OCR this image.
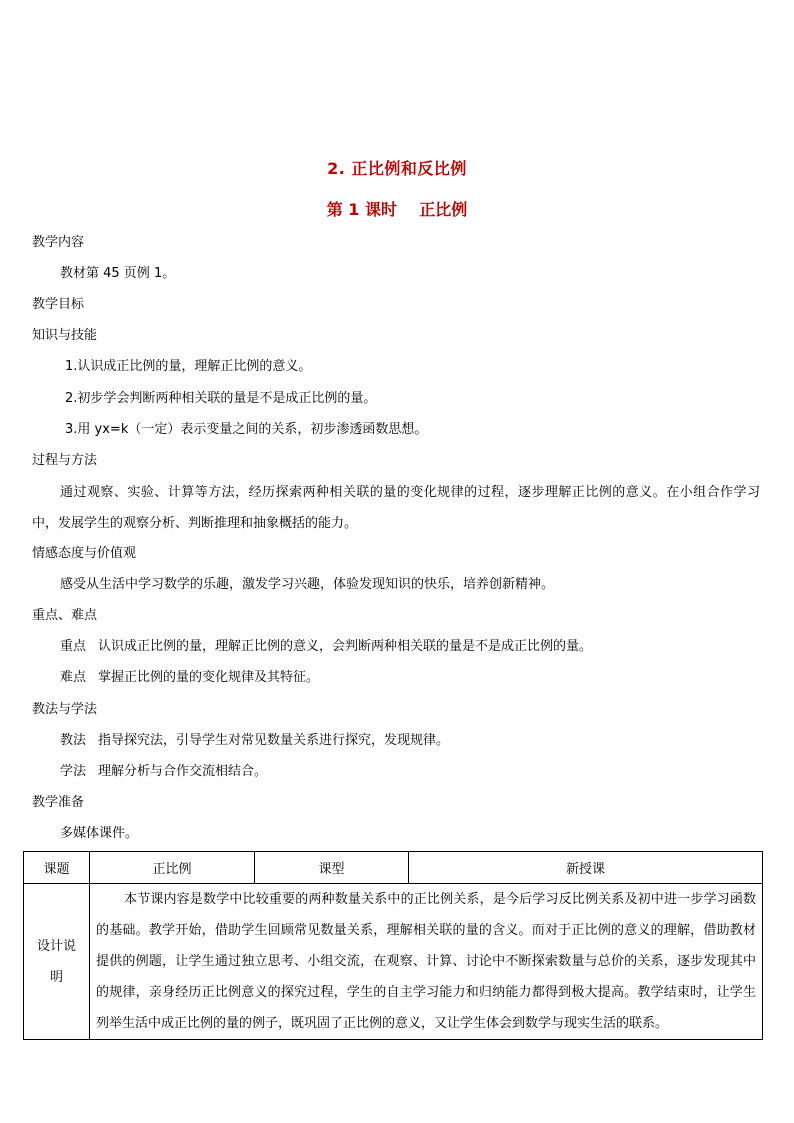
2. 正比例和反比例
第 1 课时    正比例
教学内容
教材第 45 页例 1。
教学目标
知识与技能
1.认识成正比例的量，理解正比例的意义。
2.初步学会判断两种相关联的量是不是成正比例的量。
3.用 yx=k（一定）表示变量之间的关系，初步渗透函数思想。
过程与方法
通过观察、实验、计算等方法，经历探索两种相关联的量的变化规律的过程，逐步理解正比例的意义。在小组合作学习中，发展学生的观察分析、判断推理和抽象概括的能力。
情感态度与价值观
感受从生活中学习数学的乐趣，激发学习兴趣，体验发现知识的快乐，培养创新精神。
重点、难点
重点 认识成正比例的量，理解正比例的意义，会判断两种相关联的量是不是成正比例的量。
难点 掌握正比例的量的变化规律及其特征。
教法与学法
教法 指导探究法，引导学生对常见数量关系进行探究，发现规律。
学法 理解分析与合作交流相结合。
教学准备
多媒体课件。
课题	正比例	课型	新授课

设计说
明	本节课内容是数学中比较重要的两种数量关系中的正比例关系，是今后学习反比例关系及初中进一步学习函数的基础。教学开始，借助学生回顾常见数量关系，理解相关联的量的含义。而对于正比例的意义的理解，借助教材提供的例题，让学生通过独立思考、小组交流，在观察、计算、讨论中不断探索数量与总价的关系，逐步发现其中的规律，亲身经历正比例意义的探究过程，学生的自主学习能力和归纳能力都得到极大提高。教学结束时，让学生列举生活中成正比例的量的例子，既巩固了正比例的意义，又让学生体会到数学与现实生活的联系。		
